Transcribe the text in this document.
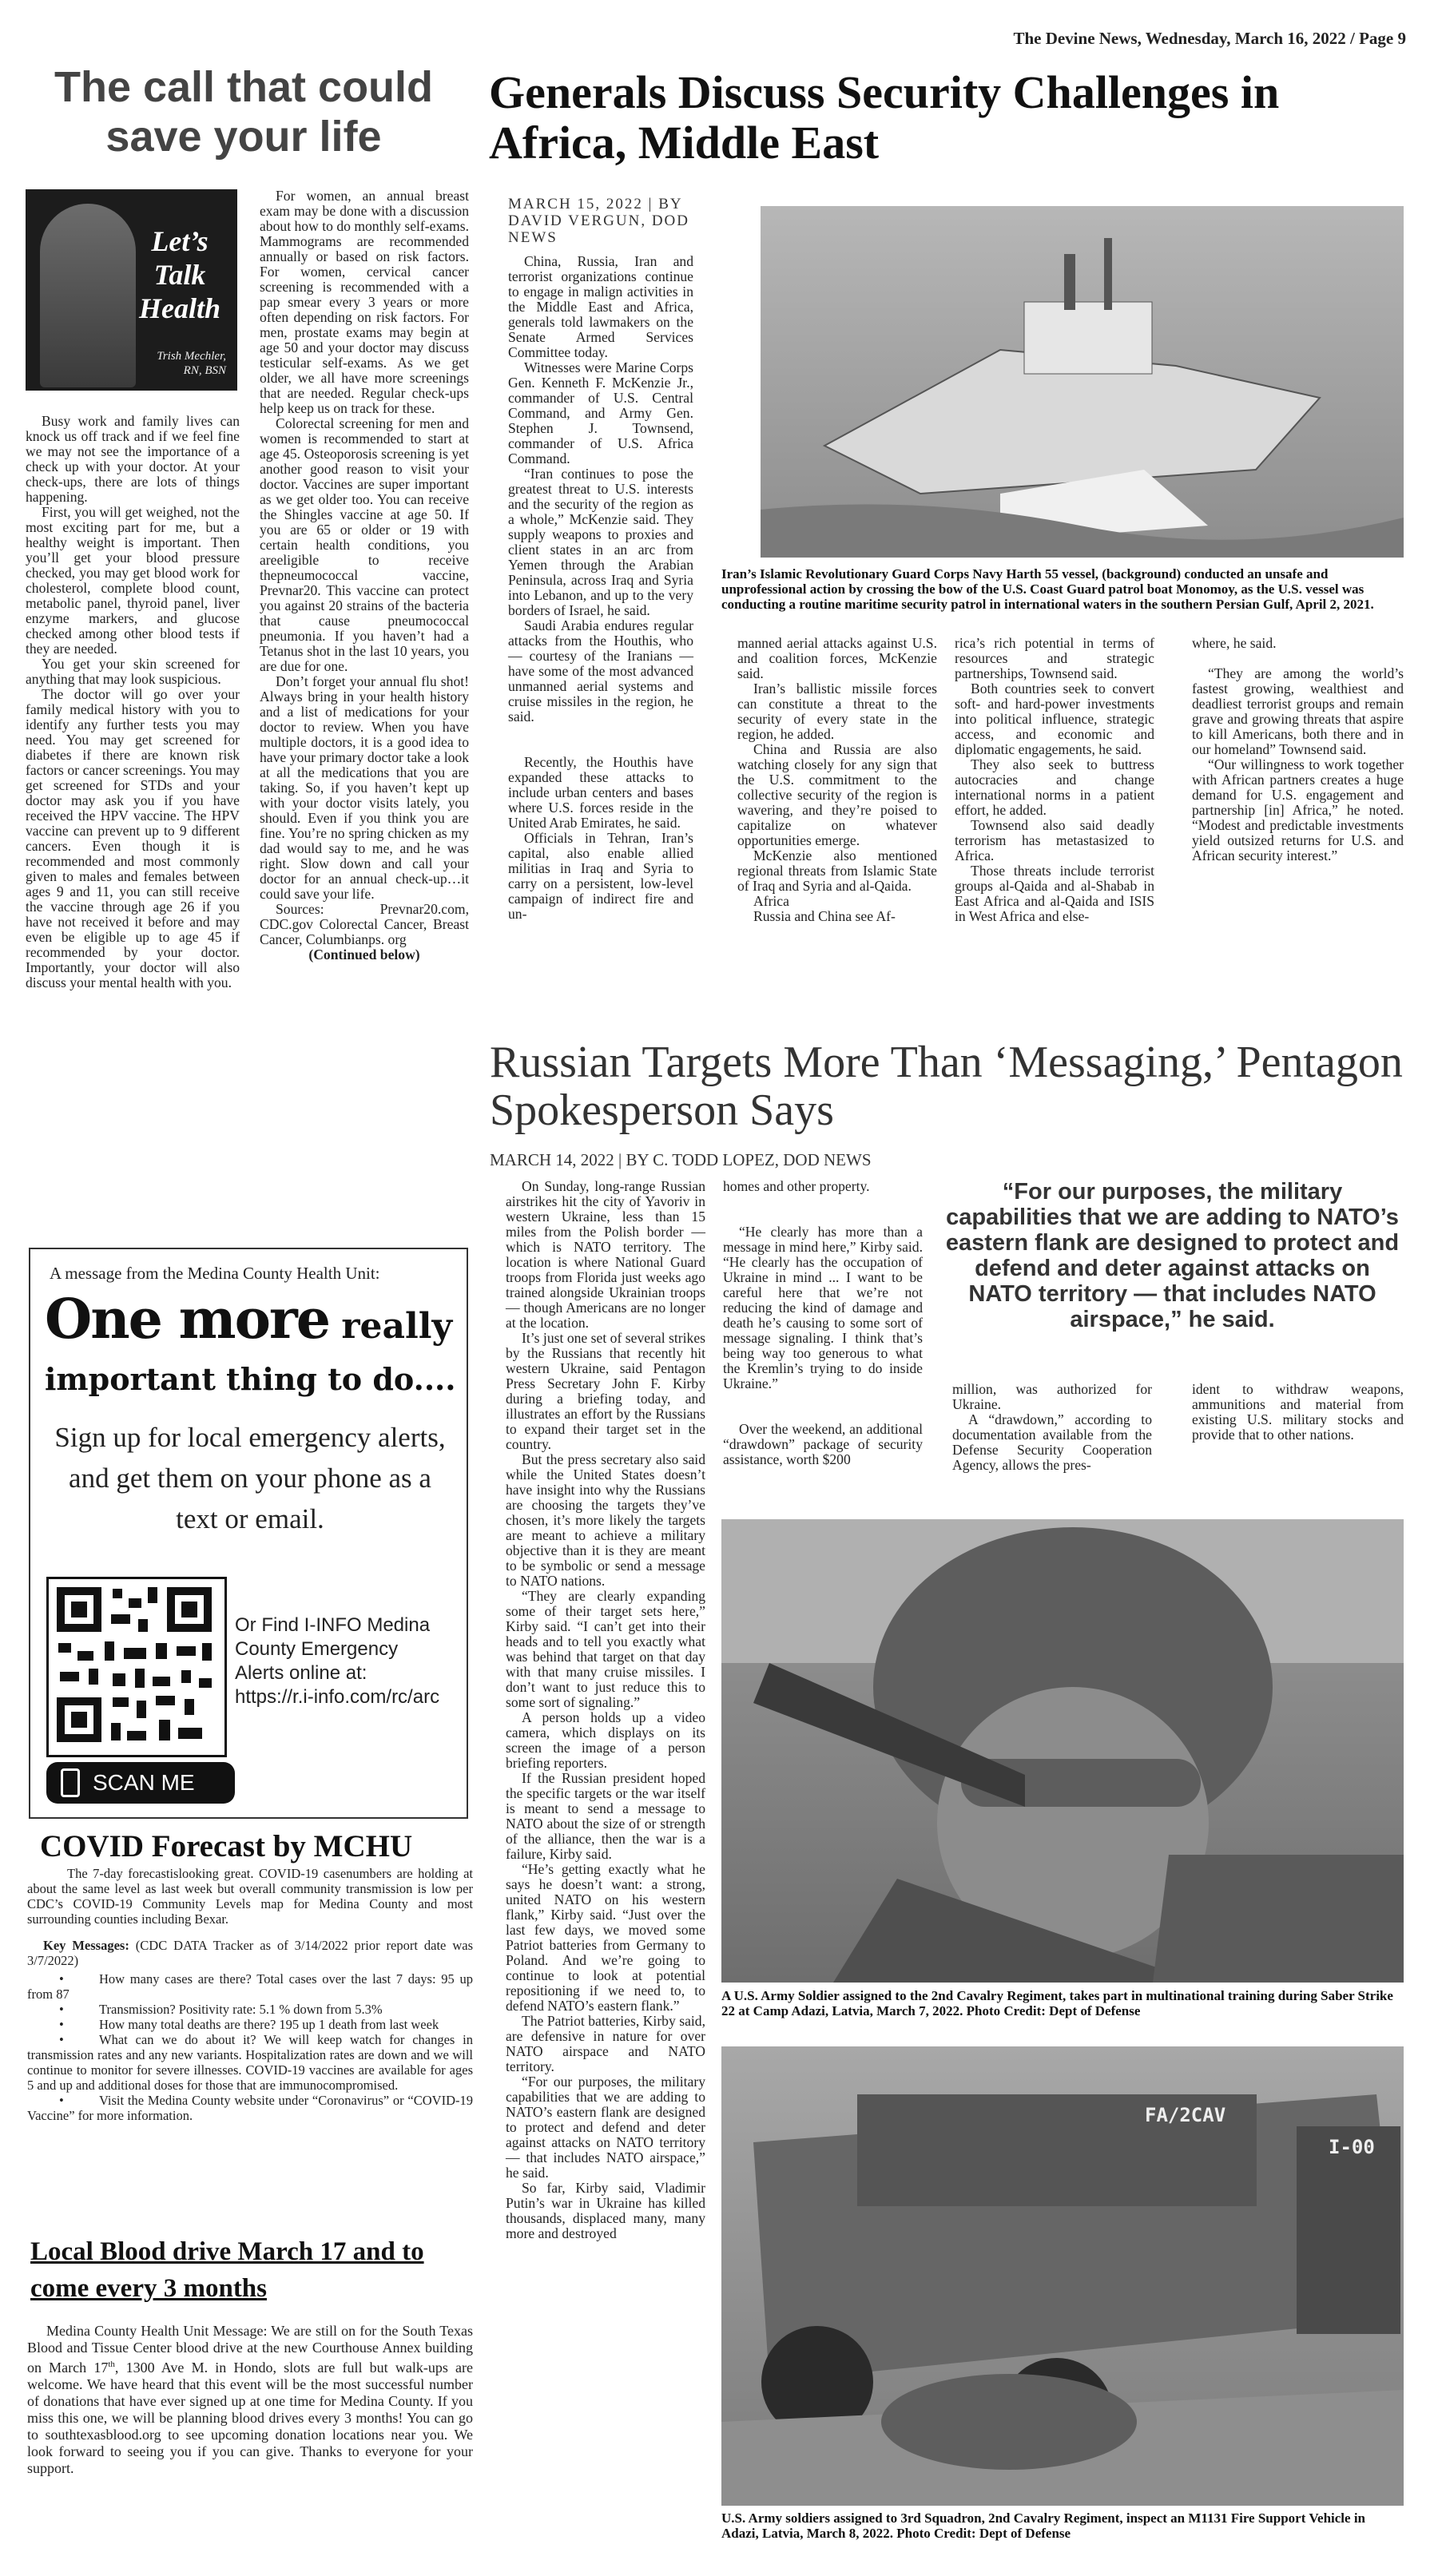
The Devine News, Wednesday, March 16, 2022 / Page 9
The call that could save your life
Let’s
Talk
Health
Trish Mechler,
RN, BSN

Busy work and family lives can knock us off track and if we feel fine we may not see the importance of a check up with your doctor. At your check-ups, there are lots of things happening.

First, you will get weighed, not the most exciting part for me, but a healthy weight is important. Then you’ll get your blood pressure checked, you may get blood work for cholesterol, complete blood count, metabolic panel, thyroid panel, liver enzyme markers, and glucose checked among other blood tests if they are needed.

You get your skin screened for anything that may look suspicious.

The doctor will go over your family medical history with you to identify any further tests you may need. You may get screened for diabetes if there are known risk factors or cancer screenings. You may get screened for STDs and your doctor may ask you if you have received the HPV vaccine. The HPV vaccine can prevent up to 9 different cancers. Even though it is recommended and most commonly given to males and females between ages 9 and 11, you can still receive the vaccine through age 26 if you have not received it before and may even be eligible up to age 45 if recommended by your doctor. Importantly, your doctor will also discuss your mental health with you.

For women, an annual breast exam may be done with a discussion about how to do monthly self-exams. Mammograms are recommended annually or based on risk factors. For women, cervical cancer screening is recommended with a pap smear every 3 years or more often depending on risk factors. For men, prostate exams may begin at age 50 and your doctor may discuss testicular self-exams. As we get older, we all have more screenings that are needed. Regular check-ups help keep us on track for these.

Colorectal screening for men and women is recommended to start at age 45. Osteoporosis screening is yet another good reason to visit your doctor. Vaccines are super important as we get older too. You can receive the Shingles vaccine at age 50. If you are 65 or older or 19 with certain health conditions, you areeligible to receive thepneumococcal vaccine, Prevnar20. This vaccine can protect you against 20 strains of the bacteria that cause pneumococcal pneumonia. If you haven’t had a Tetanus shot in the last 10 years, you are due for one.

Don’t forget your annual flu shot! Always bring in your health history and a list of medications for your doctor to review. When you have multiple doctors, it is a good idea to have your primary doctor take a look at all the medications that you are taking. So, if you haven’t kept up with your doctor visits lately, you should. Even if you think you are fine. You’re no spring chicken as my dad would say to me, and he was right. Slow down and call your doctor for an annual check-up…it could save your life.

Sources: Prevnar20.com, CDC.gov Colorectal Cancer, Breast Cancer, Columbianps. org

(Continued below)

A message from the Medina County Health Unit:
One more really
important thing to do....
Sign up for local emergency alerts, and get them on your phone as a text or email.
SCAN ME
Or Find I-INFO Medina County Emergency Alerts online at: https://r.i-info.com/rc/arc
COVID Forecast by MCHU

The 7-day forecastislooking great. COVID-19 casenumbers are holding at about the same level as last week but overall community transmission is low per CDC’s COVID-19 Community Levels map for Medina County and most surrounding counties including Bexar.

Key Messages: (CDC DATA Tracker as of 3/14/2022 prior report date was 3/7/2022)

•	How many cases are there? Total cases over the last 7 days: 95 up from 87

•	Transmission? Positivity rate: 5.1 % down from 5.3%

•	How many total deaths are there? 195 up 1 death from last week

•	What can we do about it? We will keep watch for changes in transmission rates and any new variants. Hospitalization rates are down and we will continue to monitor for severe illnesses. COVID-19 vaccines are available for ages 5 and up and additional doses for those that are immunocompromised.

•	Visit the Medina County website under “Coronavirus” or “COVID-19 Vaccine” for more information.

Local Blood drive March 17 and to come every 3 months

Medina County Health Unit Message: We are still on for the South Texas Blood and Tissue Center blood drive at the new Courthouse Annex building on March 17th, 1300 Ave M. in Hondo, slots are full but walk-ups are welcome. We have heard that this event will be the most successful number of donations that have ever signed up at one time for Medina County. If you miss this one, we will be planning blood drives every 3 months! You can go to southtexasblood.org to see upcoming donation locations near you. We look forward to seeing you if you can give. Thanks to everyone for your support.

Generals Discuss Security Challenges in Africa, Middle East
MARCH 15, 2022 | BY DAVID VERGUN, DOD NEWS

China, Russia, Iran and terrorist organizations continue to engage in malign activities in the Middle East and Africa, generals told lawmakers on the Senate Armed Services Committee today.

Witnesses were Marine Corps Gen. Kenneth F. McKenzie Jr., commander of U.S. Central Command, and Army Gen. Stephen J. Townsend, commander of U.S. Africa Command.

“Iran continues to pose the greatest threat to U.S. interests and the security of the region as a whole,” McKenzie said. They supply weapons to proxies and client states in an arc from Yemen through the Arabian Peninsula, across Iraq and Syria into Lebanon, and up to the very borders of Israel, he said.

Saudi Arabia endures regular attacks from the Houthis, who — courtesy of the Iranians — have some of the most advanced unmanned aerial systems and cruise missiles in the region, he said.

Recently, the Houthis have expanded these attacks to include urban centers and bases where U.S. forces reside in the United Arab Emirates, he said.

Officials in Tehran, Iran’s capital, also enable allied militias in Iraq and Syria to carry on a persistent, low-level campaign of indirect fire and un-

Iran’s Islamic Revolutionary Guard Corps Navy Harth 55 vessel, (background) conducted an unsafe and unprofessional action by crossing the bow of the U.S. Coast Guard patrol boat Monomoy, as the U.S. vessel was conducting a routine maritime security patrol in international waters in the southern Persian Gulf, April 2, 2021.

manned aerial attacks against U.S. and coalition forces, McKenzie said.

Iran’s ballistic missile forces can constitute a threat to the security of every state in the region, he added.

China and Russia are also watching closely for any sign that the U.S. commitment to the collective security of the region is wavering, and they’re poised to capitalize on whatever opportunities emerge.

McKenzie also mentioned regional threats from Islamic State of Iraq and Syria and al-Qaida.

Africa

Russia and China see Af-

rica’s rich potential in terms of resources and strategic partnerships, Townsend said.

Both countries seek to convert soft- and hard-power investments into political influence, strategic access, and economic and diplomatic engagements, he said.

They also seek to buttress autocracies and change international norms in a patient effort, he added.

Townsend also said deadly terrorism has metastasized to Africa.

Those threats include terrorist groups al-Qaida and al-Shabab in East Africa and al-Qaida and ISIS in West Africa and else-

where, he said.

“They are among the world’s fastest growing, wealthiest and deadliest terrorist groups and remain grave and growing threats that aspire to kill Americans, both there and in our homeland” Townsend said.

“Our willingness to work together with African partners creates a huge demand for U.S. engagement and partnership [in] Africa,” he noted. “Modest and predictable investments yield outsized returns for U.S. and African security interest.”

Russian Targets More Than ‘Messaging,’ Pentagon Spokesperson Says
MARCH 14, 2022 | BY C. TODD LOPEZ, DOD NEWS

On Sunday, long-range Russian airstrikes hit the city of Yavoriv in western Ukraine, less than 15 miles from the Polish border — which is NATO territory. The location is where National Guard troops from Florida just weeks ago trained alongside Ukrainian troops — though Americans are no longer at the location.

It’s just one set of several strikes by the Russians that recently hit western Ukraine, said Pentagon Press Secretary John F. Kirby during a briefing today, and illustrates an effort by the Russians to expand their target set in the country.

But the press secretary also said while the United States doesn’t have insight into why the Russians are choosing the targets they’ve chosen, it’s more likely the targets are meant to achieve a military objective than it is they are meant to be symbolic or send a message to NATO nations.

“They are clearly expanding some of their target sets here,” Kirby said. “I can’t get into their heads and to tell you exactly what was behind that target on that day with that many cruise missiles. I don’t want to just reduce this to some sort of signaling.”

A person holds up a video camera, which displays on its screen the image of a person briefing reporters.

If the Russian president hoped the specific targets or the war itself is meant to send a message to NATO about the size of or strength of the alliance, then the war is a failure, Kirby said.

“He’s getting exactly what he says he doesn’t want: a strong, united NATO on his western flank,” Kirby said. “Just over the last few days, we moved some Patriot batteries from Germany to Poland. And we’re going to continue to look at potential repositioning if we need to, to defend NATO’s eastern flank.”

The Patriot batteries, Kirby said, are defensive in nature for over NATO airspace and NATO territory.

“For our purposes, the military capabilities that we are adding to NATO’s eastern flank are designed to protect and defend and deter against attacks on NATO territory — that includes NATO airspace,” he said.

So far, Kirby said, Vladimir Putin’s war in Ukraine has killed thousands, displaced many, many more and destroyed

homes and other property.

“He clearly has more than a message in mind here,” Kirby said. “He clearly has the occupation of Ukraine in mind ... I want to be careful here that we’re not reducing the kind of damage and death he’s causing to some sort of message signaling. I think that’s being way too generous to what the Kremlin’s trying to do inside Ukraine.”

Over the weekend, an additional “drawdown” package of security assistance, worth $200

“For our purposes, the military capabilities that we are adding to NATO’s eastern flank are designed to protect and defend and deter against attacks on NATO territory — that includes NATO airspace,” he said.

million, was authorized for Ukraine.

A “drawdown,” according to documentation available from the Defense Security Cooperation Agency, allows the pres-

ident to withdraw weapons, ammunitions and material from existing U.S. military stocks and provide that to other nations.

A U.S. Army Soldier assigned to the 2nd Cavalry Regiment, takes part in multinational training during Saber Strike 22 at Camp Adazi, Latvia, March 7, 2022. Photo Credit: Dept of Defense
FA/2CAV
I-00
U.S. Army soldiers assigned to 3rd Squadron, 2nd Cavalry Regiment, inspect an M1131 Fire Support Vehicle in Adazi, Latvia, March 8, 2022. Photo Credit: Dept of Defense
